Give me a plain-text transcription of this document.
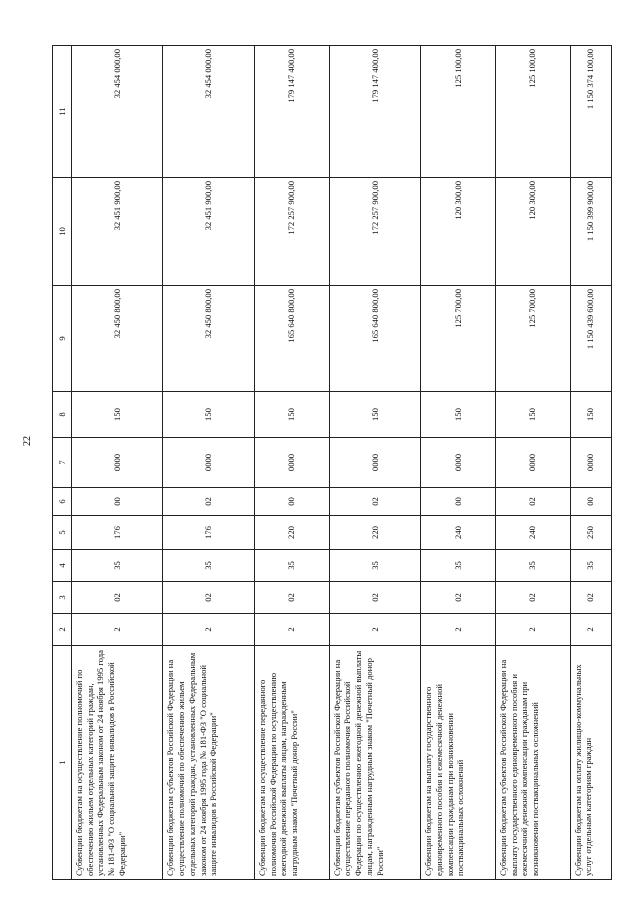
22
1	2	3	4	5	6	7	8	9	10	11
Субвенции бюджетам на осуществление полномочий по обеспечению жильем отдельных категорий граждан, установленных Федеральным законом от 24 ноября 1995 года № 181-ФЗ "О социальной защите инвалидов в Российской Федерации"	2	02	35	176	00	0000	150	32 450 800,00	32 451 900,00	32 454 000,00
Субвенции бюджетам субъектов Российской Федерации на осуществление полномочий по обеспечению жильем отдельных категорий граждан, установленных Федеральным законом от 24 ноября 1995 года № 181-ФЗ "О социальной защите инвалидов в Российской Федерации"	2	02	35	176	02	0000	150	32 450 800,00	32 451 900,00	32 454 000,00
Субвенции бюджетам на осуществление переданного полномочия Российской Федерации по осуществлению ежегодной денежной выплаты лицам, награжденным нагрудным знаком "Почетный донор России"	2	02	35	220	00	0000	150	165 640 800,00	172 257 900,00	179 147 400,00
Субвенции бюджетам субъектов Российской Федерации на осуществление переданного полномочия Российской Федерации по осуществлению ежегодной денежной выплаты лицам, награжденным нагрудным знаком "Почетный донор России"	2	02	35	220	02	0000	150	165 640 800,00	172 257 900,00	179 147 400,00
Субвенции бюджетам на выплату государственного единовременного пособия и ежемесячной денежной компенсации гражданам при возникновении поствакцинальных осложнений	2	02	35	240	00	0000	150	125 700,00	120 300,00	125 100,00
Субвенции бюджетам субъектов Российской Федерации на выплату государственного единовременного пособия и ежемесячной денежной компенсации гражданам при возникновении поствакцинальных осложнений	2	02	35	240	02	0000	150	125 700,00	120 300,00	125 100,00
Субвенции бюджетам на оплату жилищно-коммунальных услуг отдельным категориям граждан	2	02	35	250	00	0000	150	1 150 439 600,00	1 150 399 900,00	1 150 374 100,00
